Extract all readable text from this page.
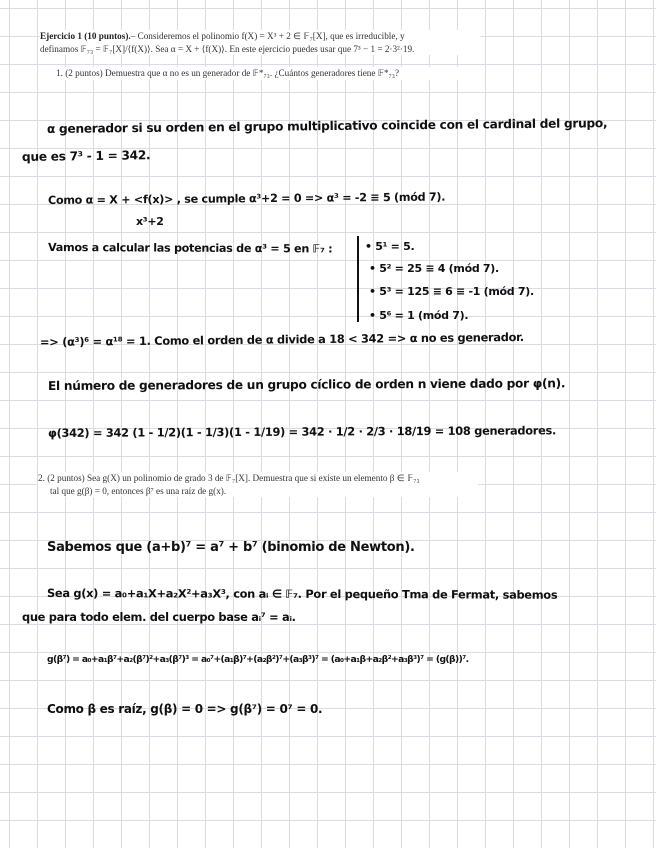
Ejercicio 1 (10 puntos).– Consideremos el polinomio f(X) = X³ + 2 ∈ 𝔽₇[X], que es irreducible, y
definamos 𝔽₇₃ = 𝔽₇[X]/⟨f(X)⟩. Sea α = X + ⟨f(X)⟩. En este ejercicio puedes usar que 7³ − 1 = 2·3²·19.
1. (2 puntos) Demuestra que α no es un generador de 𝔽*₇₃. ¿Cuántos generadores tiene 𝔽*₇₃?
α generador si su orden en el grupo multiplicativo coincide con el cardinal del grupo,
que es 7³ - 1 = 342.
Como α = X + <f(x)> , se cumple α³+2 = 0 => α³ = -2 ≡ 5 (mód 7).
x³+2
Vamos a calcular las potencias de α³ = 5 en 𝔽₇ :	• 5¹ = 5.
• 5² = 25 ≡ 4 (mód 7).
• 5³ = 125 ≡ 6 ≡ -1 (mód 7).
• 5⁶ = 1 (mód 7).
=> (α³)⁶ = α¹⁸ = 1. Como el orden de α divide a 18 < 342 => α no es generador.
El número de generadores de un grupo cíclico de orden n viene dado por φ(n).
φ(342) = 342 (1 - 1/2)(1 - 1/3)(1 - 1/19) = 342 · 1/2 · 2/3 · 18/19 = 108 generadores.
2. (2 puntos) Sea g(X) un polinomio de grado 3 de 𝔽₇[X]. Demuestra que si existe un elemento β ∈ 𝔽₇₃
tal que g(β) = 0, entonces β⁷ es una raíz de g(x).
Sabemos que (a+b)⁷ = a⁷ + b⁷ (binomio de Newton).
Sea g(x) = a₀+a₁X+a₂X²+a₃X³, con aᵢ ∈ 𝔽₇. Por el pequeño Tma de Fermat, sabemos
que para todo elem. del cuerpo base aᵢ⁷ = aᵢ.
g(β⁷) = a₀+a₁β⁷+a₂(β⁷)²+a₃(β⁷)³ = a₀⁷+(a₁β)⁷+(a₂β²)⁷+(a₃β³)⁷ = (a₀+a₁β+a₂β²+a₃β³)⁷ = (g(β))⁷.
Como β es raíz, g(β) = 0 => g(β⁷) = 0⁷ = 0.
